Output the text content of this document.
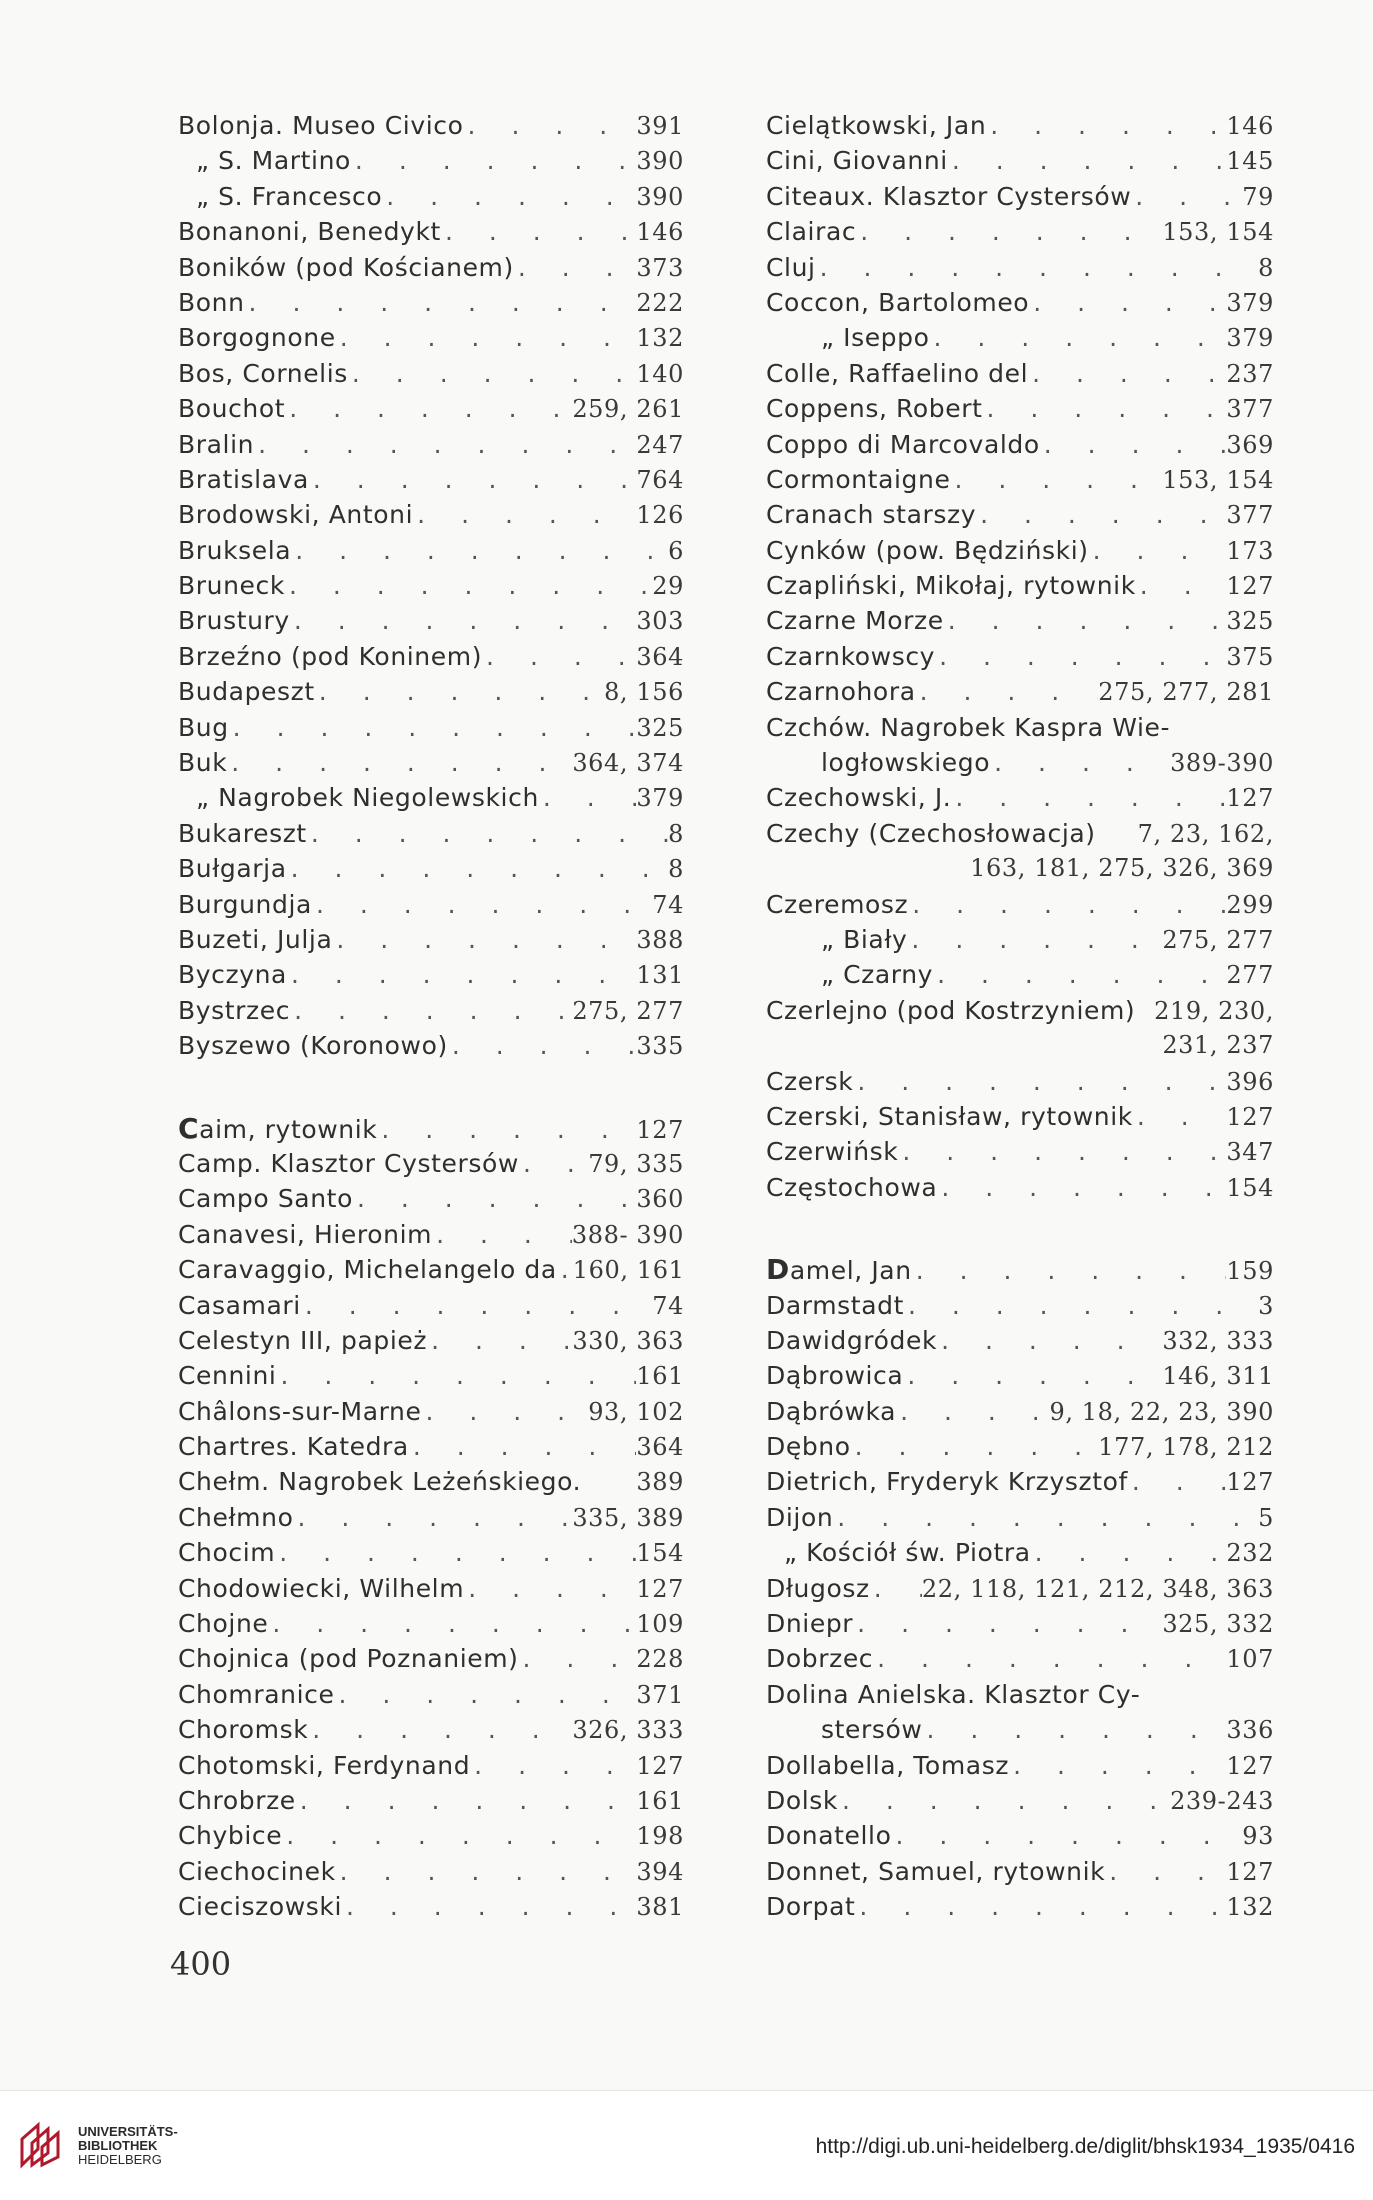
Bolonja. Museo Civico . . .	391
„ S. Martino . . .	390
„ S. Francesco . . .	390
Bonanoni, Benedykt . . .	146
Boników (pod Kościanem) . . .	373
Bonn . . .	222
Borgognone . . .	132
Bos, Cornelis . . .	140
Bouchot . . .	259, 261
Bralin . . .	247
Bratislava . . .	764
Brodowski, Antoni . . .	126
Bruksela . . .	6
Bruneck . . .	29
Brustury . . .	303
Brzeźno (pod Koninem) . . .	364
Budapeszt . . .	8, 156
Bug . . .	325
Buk . . .	364, 374
„ Nagrobek Niegolewskich . . .	379
Bukareszt . . .	8
Bułgarja . . .	8
Burgundja . . .	74
Buzeti, Julja . . .	388
Byczyna . . .	131
Bystrzec . . .	275, 277
Byszewo (Koronowo) . . .	335
Caim, rytownik . . .	127
Camp. Klasztor Cystersów . . .	79, 335
Campo Santo . . .	360
Canavesi, Hieronim . . .	388- 390
Caravaggio, Michelangelo da . . . 160, 161
Casamari . . .	74
Celestyn III, papież . . .	330, 363
Cennini . . .	161
Châlons-sur-Marne . . .	93, 102
Chartres. Katedra . . .	364
Chełm. Nagrobek Leżeńskiego. 389
Chełmno . . .	335, 389
Chocim . . .	154
Chodowiecki, Wilhelm . . .	127
Chojne . . .	109
Chojnica (pod Poznaniem) . . .	228
Chomranice . . .	371
Choromsk . . .	326, 333
Chotomski, Ferdynand . . .	127
Chrobrze . . .	161
Chybice . . .	198
Ciechocinek . . .	394
Cieciszowski . . .	381
Cielątkowski, Jan . . .	146
Cini, Giovanni . . .	145
Citeaux. Klasztor Cystersów . . .	79
Clairac . . .	153, 154
Cluj . . .	8
Coccon, Bartolomeo . . .	379
„ Iseppo . . .	379
Colle, Raffaelino del . . .	237
Coppens, Robert . . .	377
Coppo di Marcovaldo . . .	369
Cormontaigne . . .	153, 154
Cranach starszy . . .	377
Cynków (pow. Będziński) . . .	173
Czapliński, Mikołaj, rytownik . . .	127
Czarne Morze . . .	325
Czarnkowscy . . .	375
Czarnohora . . .	275, 277, 281
Czchów. Nagrobek Kaspra Wie-
logłowskiego . . .	389-390
Czechowski, J. . . .	127
Czechy (Czechosłowacja) 7, 23, 162,
163, 181, 275, 326, 369
Czeremosz . . .	299
„ Biały . . .	275, 277
„ Czarny . . .	277
Czerlejno (pod Kostrzyniem) 219, 230,
231, 237
Czersk . . .	396
Czerski, Stanisław, rytownik . . .	127
Czerwińsk . . .	347
Częstochowa . . .	154
Damel, Jan . . .	159
Darmstadt . . .	3
Dawidgródek . . .	332, 333
Dąbrowica . . .	146, 311
Dąbrówka . . .	9, 18, 22, 23, 390
Dębno . . .	177, 178, 212
Dietrich, Fryderyk Krzysztof . . .	127
Dijon . . .	5
„ Kościół św. Piotra . . .	232
Długosz . . . 22, 118, 121, 212, 348, 363
Dniepr . . .	325, 332
Dobrzec . . .	107
Dolina Anielska. Klasztor Cy-
stersów . . .	336
Dollabella, Tomasz . . .	127
Dolsk . . .	239-243
Donatello . . .	93
Donnet, Samuel, rytownik . . .	127
Dorpat . . .	132
400
UNIVERSITÄTS-
BIBLIOTHEK
HEIDELBERG
http://digi.ub.uni-heidelberg.de/diglit/bhsk1934_1935/0416
